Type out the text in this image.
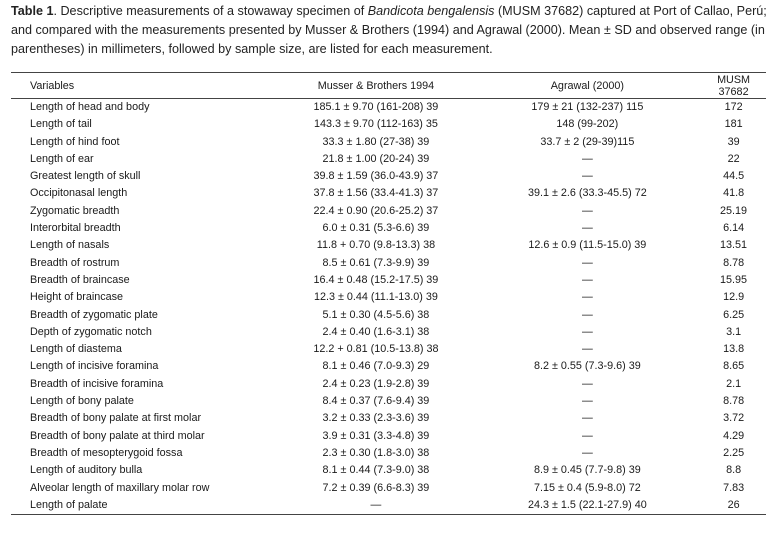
Table 1. Descriptive measurements of a stowaway specimen of Bandicota bengalensis (MUSM 37682) captured at Port of Callao, Perú; and compared with the measurements presented by Musser & Brothers (1994) and Agrawal (2000). Mean ± SD and observed range (in parentheses) in millimeters, followed by sample size, are listed for each measurement.

Variables	Musser & Brothers 1994	Agrawal (2000)	MUSM 37682
Length of head and body	185.1 ± 9.70 (161-208) 39	179 ± 21 (132-237) 115	172
Length of tail	143.3 ± 9.70 (112-163) 35	148 (99-202)	181
Length of hind foot	33.3 ± 1.80 (27-38) 39	33.7 ± 2 (29-39)115	39
Length of ear	21.8 ± 1.00 (20-24) 39	—	22
Greatest length of skull	39.8 ± 1.59 (36.0-43.9) 37	—	44.5
Occipitonasal length	37.8 ± 1.56 (33.4-41.3) 37	39.1 ± 2.6 (33.3-45.5) 72	41.8
Zygomatic breadth	22.4 ± 0.90 (20.6-25.2) 37	—	25.19
Interorbital breadth	6.0 ± 0.31 (5.3-6.6) 39	—	6.14
Length of nasals	11.8 + 0.70 (9.8-13.3) 38	12.6 ± 0.9 (11.5-15.0) 39	13.51
Breadth of rostrum	8.5 ± 0.61 (7.3-9.9) 39	—	8.78
Breadth of braincase	16.4 ± 0.48 (15.2-17.5) 39	—	15.95
Height of braincase	12.3 ± 0.44 (11.1-13.0) 39	—	12.9
Breadth of zygomatic plate	5.1 ± 0.30 (4.5-5.6) 38	—	6.25
Depth of zygomatic notch	2.4 ± 0.40 (1.6-3.1) 38	—	3.1
Length of diastema	12.2 + 0.81 (10.5-13.8) 38	—	13.8
Length of incisive foramina	8.1 ± 0.46 (7.0-9.3) 29	8.2 ± 0.55 (7.3-9.6) 39	8.65
Breadth of incisive foramina	2.4 ± 0.23 (1.9-2.8) 39	—	2.1
Length of bony palate	8.4 ± 0.37 (7.6-9.4) 39	—	8.78
Breadth of bony palate at first molar	3.2 ± 0.33 (2.3-3.6) 39	—	3.72
Breadth of bony palate at third molar	3.9 ± 0.31 (3.3-4.8) 39	—	4.29
Breadth of mesopterygoid fossa	2.3 ± 0.30 (1.8-3.0) 38	—	2.25
Length of auditory bulla	8.1 ± 0.44 (7.3-9.0) 38	8.9 ± 0.45 (7.7-9.8) 39	8.8
Alveolar length of maxillary molar row	7.2 ± 0.39 (6.6-8.3) 39	7.15 ± 0.4 (5.9-8.0) 72	7.83
Length of palate	—	24.3 ± 1.5 (22.1-27.9) 40	26
